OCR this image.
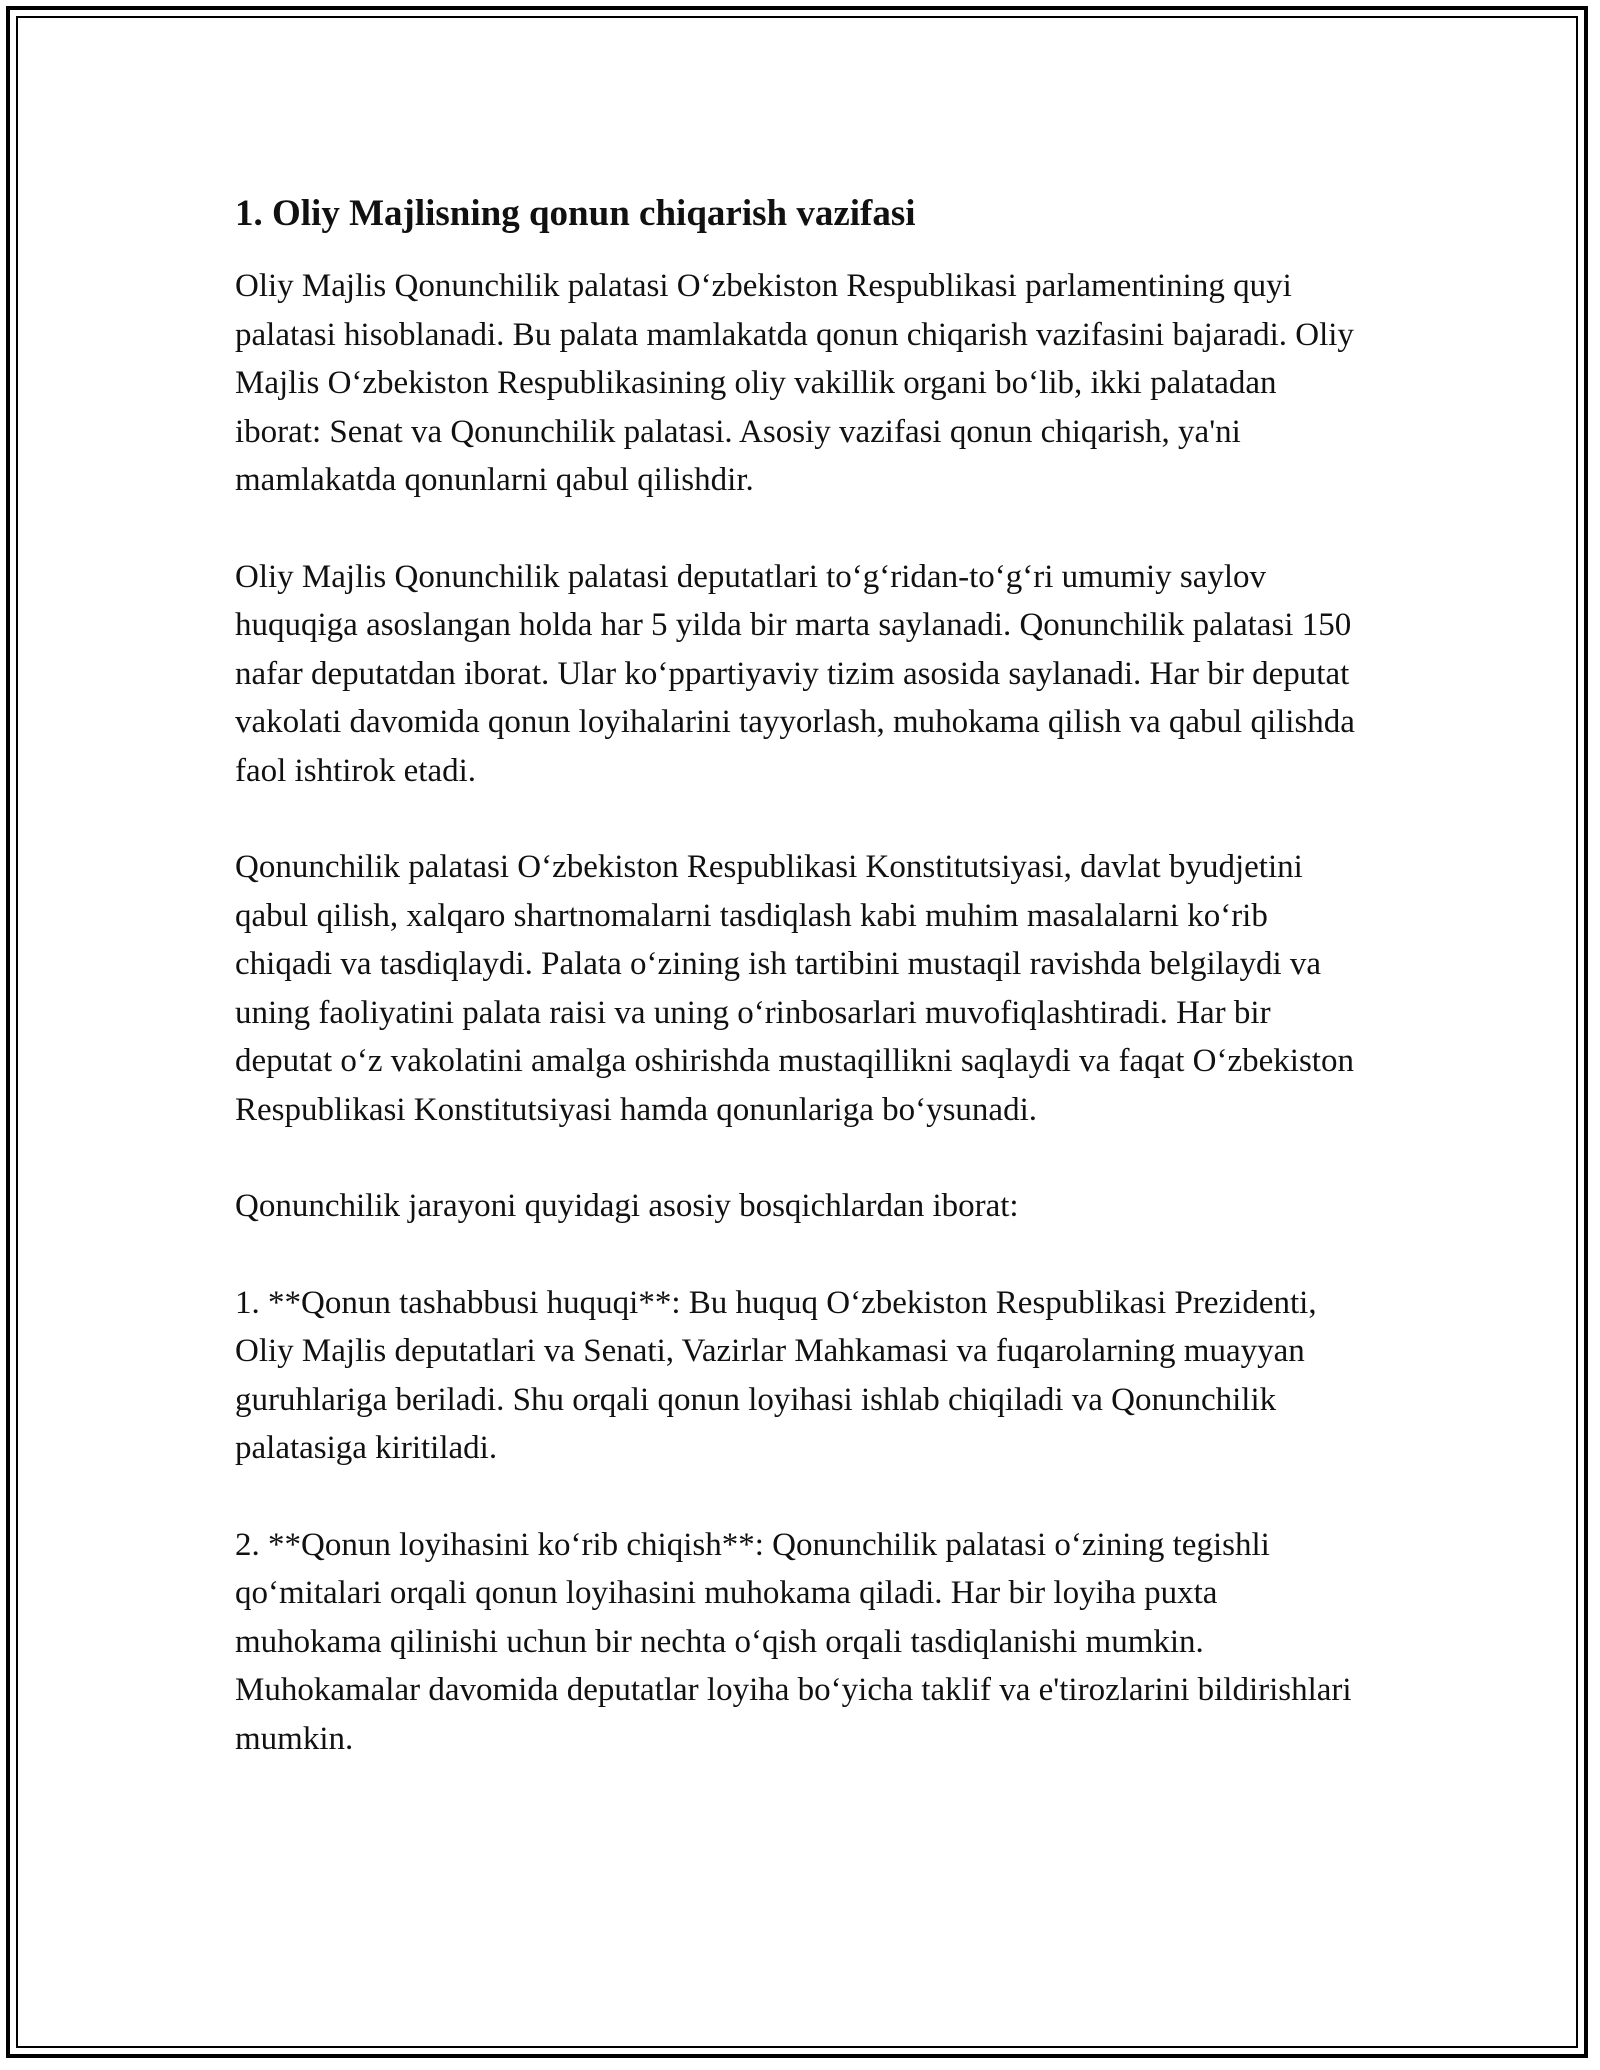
1. Oliy Majlisning qonun chiqarish vazifasi

Oliy Majlis Qonunchilik palatasi O‘zbekiston Respublikasi parlamentining quyi palatasi hisoblanadi. Bu palata mamlakatda qonun chiqarish vazifasini bajaradi. Oliy Majlis O‘zbekiston Respublikasining oliy vakillik organi bo‘lib, ikki palatadan iborat: Senat va Qonunchilik palatasi. Asosiy vazifasi qonun chiqarish, ya'ni mamlakatda qonunlarni qabul qilishdir.

Oliy Majlis Qonunchilik palatasi deputatlari to‘g‘ridan-to‘g‘ri umumiy saylov huquqiga asoslangan holda har 5 yilda bir marta saylanadi. Qonunchilik palatasi 150 nafar deputatdan iborat. Ular ko‘ppartiyaviy tizim asosida saylanadi. Har bir deputat vakolati davomida qonun loyihalarini tayyorlash, muhokama qilish va qabul qilishda faol ishtirok etadi.

Qonunchilik palatasi O‘zbekiston Respublikasi Konstitutsiyasi, davlat byudjetini qabul qilish, xalqaro shartnomalarni tasdiqlash kabi muhim masalalarni ko‘rib chiqadi va tasdiqlaydi. Palata o‘zining ish tartibini mustaqil ravishda belgilaydi va uning faoliyatini palata raisi va uning o‘rinbosarlari muvofiqlashtiradi. Har bir deputat o‘z vakolatini amalga oshirishda mustaqillikni saqlaydi va faqat O‘zbekiston Respublikasi Konstitutsiyasi hamda qonunlariga bo‘ysunadi.

Qonunchilik jarayoni quyidagi asosiy bosqichlardan iborat:

1. **Qonun tashabbusi huquqi**: Bu huquq O‘zbekiston Respublikasi Prezidenti, Oliy Majlis deputatlari va Senati, Vazirlar Mahkamasi va fuqarolarning muayyan guruhlariga beriladi. Shu orqali qonun loyihasi ishlab chiqiladi va Qonunchilik palatasiga kiritiladi.

2. **Qonun loyihasini ko‘rib chiqish**: Qonunchilik palatasi o‘zining tegishli qo‘mitalari orqali qonun loyihasini muhokama qiladi. Har bir loyiha puxta muhokama qilinishi uchun bir nechta o‘qish orqali tasdiqlanishi mumkin. Muhokamalar davomida deputatlar loyiha bo‘yicha taklif va e'tirozlarini bildirishlari mumkin.
